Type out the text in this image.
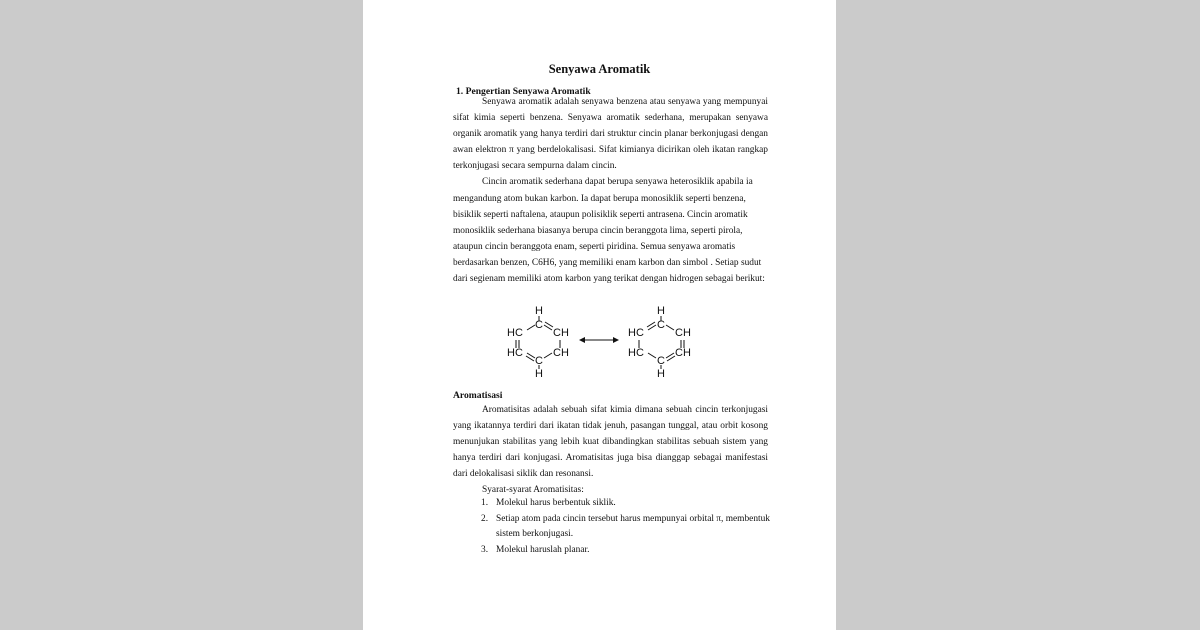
Senyawa Aromatik
1. Pengertian Senyawa Aromatik

Senyawa aromatik adalah senyawa benzena atau senyawa yang mempunyai sifat kimia seperti benzena. Senyawa aromatik sederhana, merupakan senyawa organik aromatik yang hanya terdiri dari struktur cincin planar berkonjugasi dengan awan elektron π yang berdelokalisasi. Sifat kimianya dicirikan oleh ikatan rangkap terkonjugasi secara sempurna dalam cincin.

Cincin aromatik sederhana dapat berupa senyawa heterosiklik apabila ia mengandung atom bukan karbon. Ia dapat berupa monosiklik seperti benzena, bisiklik seperti naftalena, ataupun polisiklik seperti antrasena. Cincin aromatik monosiklik sederhana biasanya berupa cincin beranggota lima, seperti pirola, ataupun cincin beranggota enam, seperti piridina. Semua senyawa aromatis berdasarkan benzen, C6H6, yang memiliki enam karbon dan simbol . Setiap sudut dari segienam memiliki atom karbon yang terikat dengan hidrogen sebagai berikut:

H
C
HC	CH
HC	CH
C
H
H
C
HC	CH
HC	CH
C
H
Aromatisasi

Aromatisitas adalah sebuah sifat kimia dimana sebuah cincin terkonjugasi yang ikatannya terdiri dari ikatan tidak jenuh, pasangan tunggal, atau orbit kosong menunjukan stabilitas yang lebih kuat dibandingkan stabilitas sebuah sistem yang hanya terdiri dari konjugasi. Aromatisitas juga bisa dianggap sebagai manifestasi dari delokalisasi siklik dan resonansi.

Syarat-syarat Aromatisitas:

1. Molekul harus berbentuk siklik.
2. Setiap atom pada cincin tersebut harus mempunyai orbital π, membentuk sistem berkonjugasi.
3. Molekul haruslah planar.
